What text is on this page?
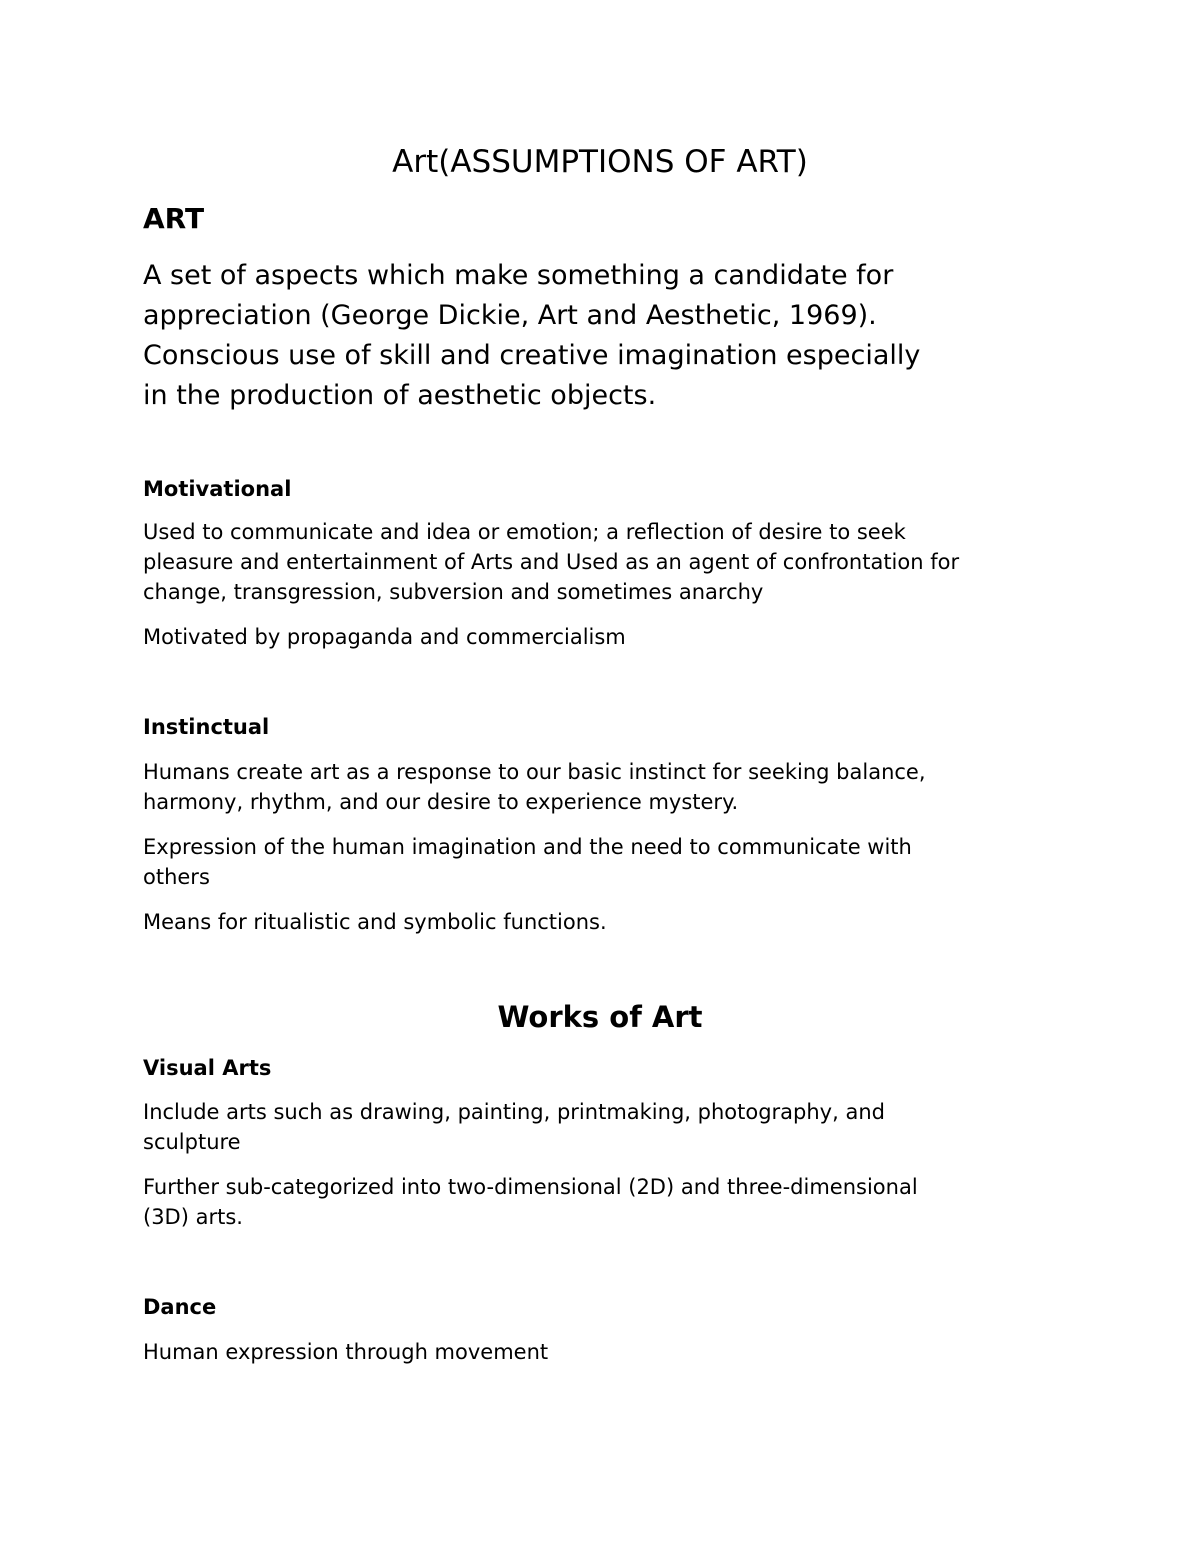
Art(ASSUMPTIONS OF ART)
ART

A set of aspects which make something a candidate for
appreciation (George Dickie, Art and Aesthetic, 1969).
Conscious use of skill and creative imagination especially
in the production of aesthetic objects.

Motivational

Used to communicate and idea or emotion; a reflection of desire to seek
pleasure and entertainment of Arts and Used as an agent of confrontation for
change, transgression, subversion and sometimes anarchy

Motivated by propaganda and commercialism

Instinctual

Humans create art as a response to our basic instinct for seeking balance,
harmony, rhythm, and our desire to experience mystery.

Expression of the human imagination and the need to communicate with
others

Means for ritualistic and symbolic functions.

Works of Art
Visual Arts

Include arts such as drawing, painting, printmaking, photography, and
sculpture

Further sub-categorized into two-dimensional (2D) and three-dimensional
(3D) arts.

Dance

Human expression through movement
